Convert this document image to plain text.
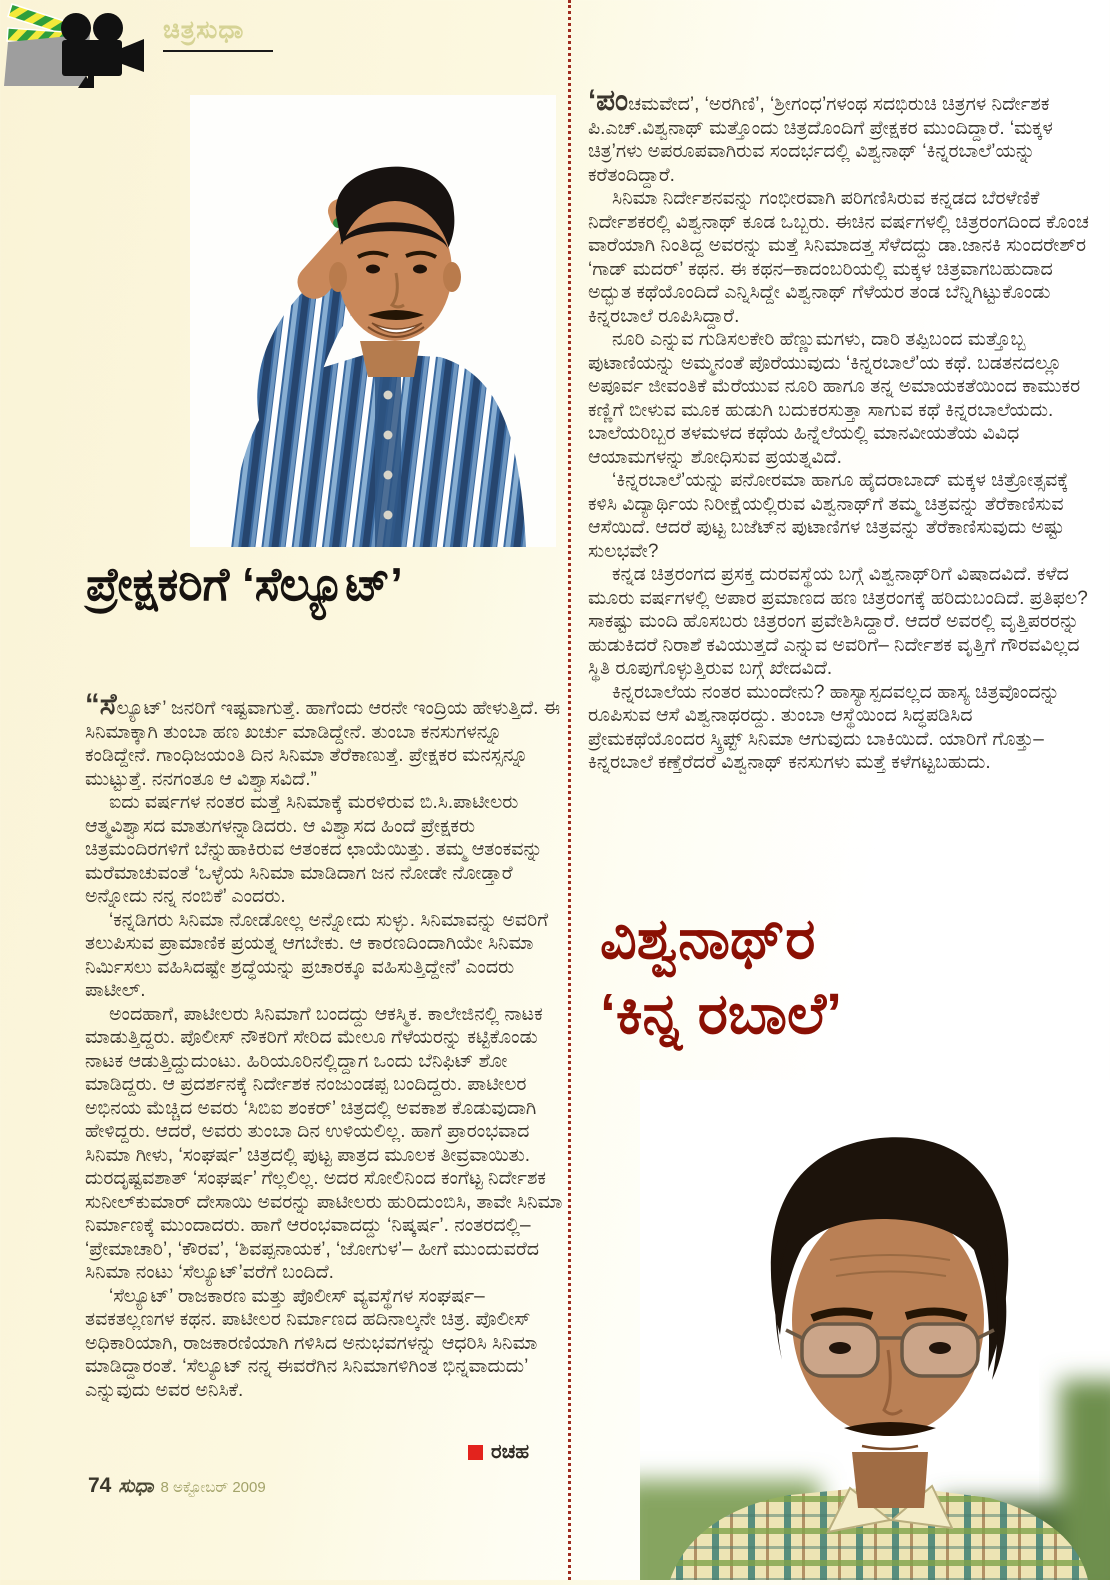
ಚಿತ್ರಸುಧಾ
ಪ್ರೇಕ್ಷಕರಿಗೆ ‘ಸೆಲ್ಯೂಟ್’

“ಸೆಲ್ಯೂಟ್’ ಜನರಿಗೆ ಇಷ್ಟವಾಗುತ್ತೆ. ಹಾಗೆಂದು ಆರನೇ ಇಂದ್ರಿಯ ಹೇಳುತ್ತಿದೆ. ಈ ಸಿನಿಮಾಕ್ಕಾಗಿ ತುಂಬಾ ಹಣ ಖರ್ಚು ಮಾಡಿದ್ದೇನೆ. ತುಂಬಾ ಕನಸುಗಳನ್ನೂ ಕಂಡಿದ್ದೇನೆ. ಗಾಂಧಿಜಯಂತಿ ದಿನ ಸಿನಿಮಾ ತೆರೆಕಾಣುತ್ತೆ. ಪ್ರೇಕ್ಷಕರ ಮನಸ್ಸನ್ನೂ ಮುಟ್ಟುತ್ತೆ. ನನಗಂತೂ ಆ ವಿಶ್ವಾಸವಿದೆ.”

ಐದು ವರ್ಷಗಳ ನಂತರ ಮತ್ತೆ ಸಿನಿಮಾಕ್ಕೆ ಮರಳಿರುವ ಬಿ.ಸಿ.ಪಾಟೀಲರು ಆತ್ಮವಿಶ್ವಾಸದ ಮಾತುಗಳನ್ನಾಡಿದರು. ಆ ವಿಶ್ವಾಸದ ಹಿಂದೆ ಪ್ರೇಕ್ಷಕರು ಚಿತ್ರಮಂದಿರಗಳಿಗೆ ಬೆನ್ನುಹಾಕಿರುವ ಆತಂಕದ ಛಾಯೆಯಿತ್ತು. ತಮ್ಮ ಆತಂಕವನ್ನು ಮರೆಮಾಚುವಂತೆ ‘ಒಳ್ಳೆಯ ಸಿನಿಮಾ ಮಾಡಿದಾಗ ಜನ ನೋಡೇ ನೋಡ್ತಾರೆ ಅನ್ನೋದು ನನ್ನ ನಂಬಿಕೆ’ ಎಂದರು.

‘ಕನ್ನಡಿಗರು ಸಿನಿಮಾ ನೋಡೋಲ್ಲ ಅನ್ನೋದು ಸುಳ್ಳು. ಸಿನಿಮಾವನ್ನು ಅವರಿಗೆ ತಲುಪಿಸುವ ಪ್ರಾಮಾಣಿಕ ಪ್ರಯತ್ನ ಆಗಬೇಕು. ಆ ಕಾರಣದಿಂದಾಗಿಯೇ ಸಿನಿಮಾ ನಿರ್ಮಿಸಲು ವಹಿಸಿದಷ್ಟೇ ಶ್ರದ್ಧೆಯನ್ನು ಪ್ರಚಾರಕ್ಕೂ ವಹಿಸುತ್ತಿದ್ದೇನೆ’ ಎಂದರು ಪಾಟೀಲ್.

ಅಂದಹಾಗೆ, ಪಾಟೀಲರು ಸಿನಿಮಾಗೆ ಬಂದದ್ದು ಆಕಸ್ಮಿಕ. ಕಾಲೇಜಿನಲ್ಲಿ ನಾಟಕ ಮಾಡುತ್ತಿದ್ದರು. ಪೊಲೀಸ್ ನೌಕರಿಗೆ ಸೇರಿದ ಮೇಲೂ ಗೆಳೆಯರನ್ನು ಕಟ್ಟಿಕೊಂಡು ನಾಟಕ ಆಡುತ್ತಿದ್ದುದುಂಟು. ಹಿರಿಯೂರಿನಲ್ಲಿದ್ದಾಗ ಒಂದು ಬೆನಿಫಿಟ್ ಶೋ ಮಾಡಿದ್ದರು. ಆ ಪ್ರದರ್ಶನಕ್ಕೆ ನಿರ್ದೇಶಕ ನಂಜುಂಡಪ್ಪ ಬಂದಿದ್ದರು. ಪಾಟೀಲರ ಅಭಿನಯ ಮೆಚ್ಚಿದ ಅವರು ‘ಸಿಬಿಐ ಶಂಕರ್’ ಚಿತ್ರದಲ್ಲಿ ಅವಕಾಶ ಕೊಡುವುದಾಗಿ ಹೇಳಿದ್ದರು. ಆದರೆ, ಅವರು ತುಂಬಾ ದಿನ ಉಳಿಯಲಿಲ್ಲ. ಹಾಗೆ ಪ್ರಾರಂಭವಾದ ಸಿನಿಮಾ ಗೀಳು, ‘ಸಂಘರ್ಷ’ ಚಿತ್ರದಲ್ಲಿ ಪುಟ್ಟ ಪಾತ್ರದ ಮೂಲಕ ತೀವ್ರವಾಯಿತು. ದುರದೃಷ್ಟವಶಾತ್ ‘ಸಂಘರ್ಷ’ ಗೆಲ್ಲಲಿಲ್ಲ. ಅದರ ಸೋಲಿನಿಂದ ಕಂಗೆಟ್ಟ ನಿರ್ದೇಶಕ ಸುನೀಲ್‌ಕುಮಾರ್ ದೇಸಾಯಿ ಅವರನ್ನು ಪಾಟೀಲರು ಹುರಿದುಂಬಿಸಿ, ತಾವೇ ಸಿನಿಮಾ ನಿರ್ಮಾಣಕ್ಕೆ ಮುಂದಾದರು. ಹಾಗೆ ಆರಂಭವಾದದ್ದು ‘ನಿಷ್ಕರ್ಷ’. ನಂತರದಲ್ಲಿ– ‘ಪ್ರೇಮಾಚಾರಿ’, ‘ಕೌರವ’, ‘ಶಿವಪ್ಪನಾಯಕ’, ‘ಜೋಗುಳ’– ಹೀಗೆ ಮುಂದುವರೆದ ಸಿನಿಮಾ ನಂಟು ‘ಸೆಲ್ಯೂಟ್’ವರೆಗೆ ಬಂದಿದೆ.

‘ಸೆಲ್ಯೂಟ್’ ರಾಜಕಾರಣ ಮತ್ತು ಪೊಲೀಸ್ ವ್ಯವಸ್ಥೆಗಳ ಸಂಘರ್ಷ– ತವಕತಲ್ಲಣಗಳ ಕಥನ. ಪಾಟೀಲರ ನಿರ್ಮಾಣದ ಹದಿನಾಲ್ಕನೇ ಚಿತ್ರ. ಪೊಲೀಸ್ ಅಧಿಕಾರಿಯಾಗಿ, ರಾಜಕಾರಣಿಯಾಗಿ ಗಳಿಸಿದ ಅನುಭವಗಳನ್ನು ಆಧರಿಸಿ ಸಿನಿಮಾ ಮಾಡಿದ್ದಾರಂತೆ. ‘ಸೆಲ್ಯೂಟ್ ನನ್ನ ಈವರೆಗಿನ ಸಿನಿಮಾಗಳಿಗಿಂತ ಭಿನ್ನವಾದುದು’ ಎನ್ನುವುದು ಅವರ ಅನಿಸಿಕೆ.

ರಚಹ
74 ಸುಧಾ 8 ಅಕ್ಟೋಬರ್ 2009

‘ಪಂಚಮವೇದ’, ‘ಅರಗಿಣಿ’, ‘ಶ್ರೀಗಂಧ’ಗಳಂಥ ಸದಭಿರುಚಿ ಚಿತ್ರಗಳ ನಿರ್ದೇಶಕ ಪಿ.ಎಚ್.ವಿಶ್ವನಾಥ್ ಮತ್ತೊಂದು ಚಿತ್ರದೊಂದಿಗೆ ಪ್ರೇಕ್ಷಕರ ಮುಂದಿದ್ದಾರೆ. ‘ಮಕ್ಕಳ ಚಿತ್ರ’ಗಳು ಅಪರೂಪವಾಗಿರುವ ಸಂದರ್ಭದಲ್ಲಿ ವಿಶ್ವನಾಥ್ ‘ಕಿನ್ನರಬಾಲೆ’ಯನ್ನು ಕರೆತಂದಿದ್ದಾರೆ.

ಸಿನಿಮಾ ನಿರ್ದೇಶನವನ್ನು ಗಂಭೀರವಾಗಿ ಪರಿಗಣಿಸಿರುವ ಕನ್ನಡದ ಬೆರಳೆಣಿಕೆ ನಿರ್ದೇಶಕರಲ್ಲಿ ವಿಶ್ವನಾಥ್ ಕೂಡ ಒಬ್ಬರು. ಈಚಿನ ವರ್ಷಗಳಲ್ಲಿ ಚಿತ್ರರಂಗದಿಂದ ಕೊಂಚ ವಾರೆಯಾಗಿ ನಿಂತಿದ್ದ ಅವರನ್ನು ಮತ್ತೆ ಸಿನಿಮಾದತ್ತ ಸೆಳೆದದ್ದು ಡಾ.ಜಾನಕಿ ಸುಂದರೇಶ್‌ರ ‘ಗಾಡ್ ಮದರ್’ ಕಥನ. ಈ ಕಥನ–ಕಾದಂಬರಿಯಲ್ಲಿ ಮಕ್ಕಳ ಚಿತ್ರವಾಗಬಹುದಾದ ಅದ್ಭುತ ಕಥೆಯೊಂದಿದೆ ಎನ್ನಿಸಿದ್ದೇ ವಿಶ್ವನಾಥ್ ಗೆಳೆಯರ ತಂಡ ಬೆನ್ನಿಗಿಟ್ಟುಕೊಂಡು ಕಿನ್ನರಬಾಲೆ ರೂಪಿಸಿದ್ದಾರೆ.

ನೂರಿ ಎನ್ನುವ ಗುಡಿಸಲಕೇರಿ ಹೆಣ್ಣುಮಗಳು, ದಾರಿ ತಪ್ಪಿಬಂದ ಮತ್ತೊಬ್ಬ ಪುಟಾಣಿಯನ್ನು ಅಮ್ಮನಂತೆ ಪೊರೆಯುವುದು ‘ಕಿನ್ನರಬಾಲೆ’ಯ ಕಥೆ. ಬಡತನದಲ್ಲೂ ಅಪೂರ್ವ ಜೀವಂತಿಕೆ ಮೆರೆಯುವ ನೂರಿ ಹಾಗೂ ತನ್ನ ಅಮಾಯಕತೆಯಿಂದ ಕಾಮುಕರ ಕಣ್ಣಿಗೆ ಬೀಳುವ ಮೂಕ ಹುಡುಗಿ ಬದುಕರಸುತ್ತಾ ಸಾಗುವ ಕಥೆ ಕಿನ್ನರಬಾಲೆಯದು. ಬಾಲೆಯರಿಬ್ಬರ ತಳಮಳದ ಕಥೆಯ ಹಿನ್ನೆಲೆಯಲ್ಲಿ ಮಾನವೀಯತೆಯ ವಿವಿಧ ಆಯಾಮಗಳನ್ನು ಶೋಧಿಸುವ ಪ್ರಯತ್ನವಿದೆ.

‘ಕಿನ್ನರಬಾಲೆ’ಯನ್ನು ಪನೋರಮಾ ಹಾಗೂ ಹೈದರಾಬಾದ್ ಮಕ್ಕಳ ಚಿತ್ರೋತ್ಸವಕ್ಕೆ ಕಳಿಸಿ ವಿದ್ಯಾರ್ಥಿಯ ನಿರೀಕ್ಷೆಯಲ್ಲಿರುವ ವಿಶ್ವನಾಥ್‌ಗೆ ತಮ್ಮ ಚಿತ್ರವನ್ನು ತೆರೆಕಾಣಿಸುವ ಆಸೆಯಿದೆ. ಆದರೆ ಪುಟ್ಟ ಬಜೆಟ್‌ನ ಪುಟಾಣಿಗಳ ಚಿತ್ರವನ್ನು ತೆರೆಕಾಣಿಸುವುದು ಅಷ್ಟು ಸುಲಭವೇ?

ಕನ್ನಡ ಚಿತ್ರರಂಗದ ಪ್ರಸಕ್ತ ದುರವಸ್ಥೆಯ ಬಗ್ಗೆ ವಿಶ್ವನಾಥ್‌ರಿಗೆ ವಿಷಾದವಿದೆ. ಕಳೆದ ಮೂರು ವರ್ಷಗಳಲ್ಲಿ ಅಪಾರ ಪ್ರಮಾಣದ ಹಣ ಚಿತ್ರರಂಗಕ್ಕೆ ಹರಿದುಬಂದಿದೆ. ಪ್ರತಿಫಲ? ಸಾಕಷ್ಟು ಮಂದಿ ಹೊಸಬರು ಚಿತ್ರರಂಗ ಪ್ರವೇಶಿಸಿದ್ದಾರೆ. ಆದರೆ ಅವರಲ್ಲಿ ವೃತ್ತಿಪರರನ್ನು ಹುಡುಕಿದರೆ ನಿರಾಶೆ ಕವಿಯುತ್ತದೆ ಎನ್ನುವ ಅವರಿಗೆ– ನಿರ್ದೇಶಕ ವೃತ್ತಿಗೆ ಗೌರವವಿಲ್ಲದ ಸ್ಥಿತಿ ರೂಪುಗೊಳ್ಳುತ್ತಿರುವ ಬಗ್ಗೆ ಖೇದವಿದೆ.

ಕಿನ್ನರಬಾಲೆಯ ನಂತರ ಮುಂದೇನು? ಹಾಸ್ಯಾಸ್ಪದವಲ್ಲದ ಹಾಸ್ಯ ಚಿತ್ರವೊಂದನ್ನು ರೂಪಿಸುವ ಆಸೆ ವಿಶ್ವನಾಥರದ್ದು. ತುಂಬಾ ಆಸ್ಥೆಯಿಂದ ಸಿದ್ಧಪಡಿಸಿದ ಪ್ರೇಮಕಥೆಯೊಂದರ ಸ್ಕ್ರಿಪ್ಟ್ ಸಿನಿಮಾ ಆಗುವುದು ಬಾಕಿಯಿದೆ. ಯಾರಿಗೆ ಗೊತ್ತು– ಕಿನ್ನರಬಾಲೆ ಕಣ್ತೆರೆದರೆ ವಿಶ್ವನಾಥ್ ಕನಸುಗಳು ಮತ್ತೆ ಕಳೆಗಟ್ಟಬಹುದು.

ವಿಶ್ವನಾಥ್‌ರ
‘ಕಿನ್ನ ರಬಾಲೆ’
